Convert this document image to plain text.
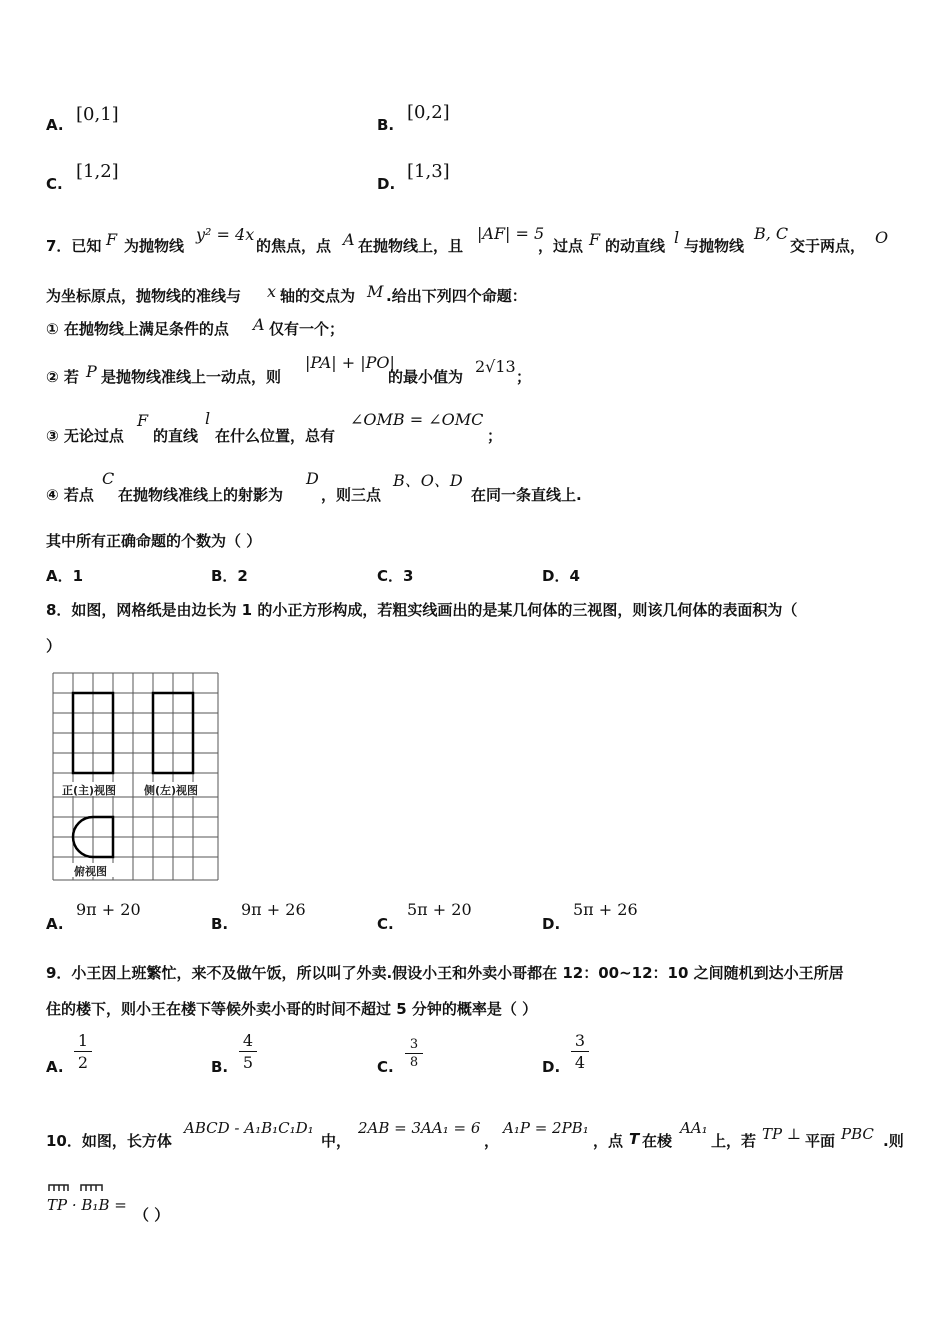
A. [0,1]	B.
[0,2]
C.
[1,2]
D.
[1,3]
7．已知 F 为抛物线
y² = 4x
的焦点，点 A 在抛物线上，且
|AF| = 5
，过点 F 的动直线 l 与抛物线
B, C
交于两点， O
为坐标原点，抛物线的准线与 x 轴的交点为 M .给出下列四个命题：
① 在抛物线上满足条件的点 A 仅有一个；
② 若 P 是抛物线准线上一动点，则
|PA| + |PO|
的最小值为
2√13
；
③ 无论过点
F
的直线
l
在什么位置，总有
∠OMB = ∠OMC
；
④ 若点
C
在抛物线准线上的射影为
D
，则三点
B、O、D
在同一条直线上.
其中所有正确命题的个数为（ ）
A．1	B．2	C．3	D．4
8．如图，网格纸是由边长为 1 的小正方形构成，若粗实线画出的是某几何体的三视图，则该几何体的表面积为（
）
正(主)视图	侧(左)视图
俯视图
A.
9π + 20
B.
9π + 26
C.
5π + 20
D.
5π + 26
9．小王因上班繁忙，来不及做午饭，所以叫了外卖.假设小王和外卖小哥都在 12：00~12：10 之间随机到达小王所居
住的楼下，则小王在楼下等候外卖小哥的时间不超过 5 分钟的概率是（ ）
A.
1
2	B.
4
5	C.
3
8	D.
3
4
10．如图，长方体
ABCD - A₁B₁C₁D₁
中，
2AB = 3AA₁ = 6
，
A₁P = 2PB₁
，点 T 在棱
AA₁
上，若 TP ⊥ 平面 PBC .则
TP · B₁B =
（ ）
